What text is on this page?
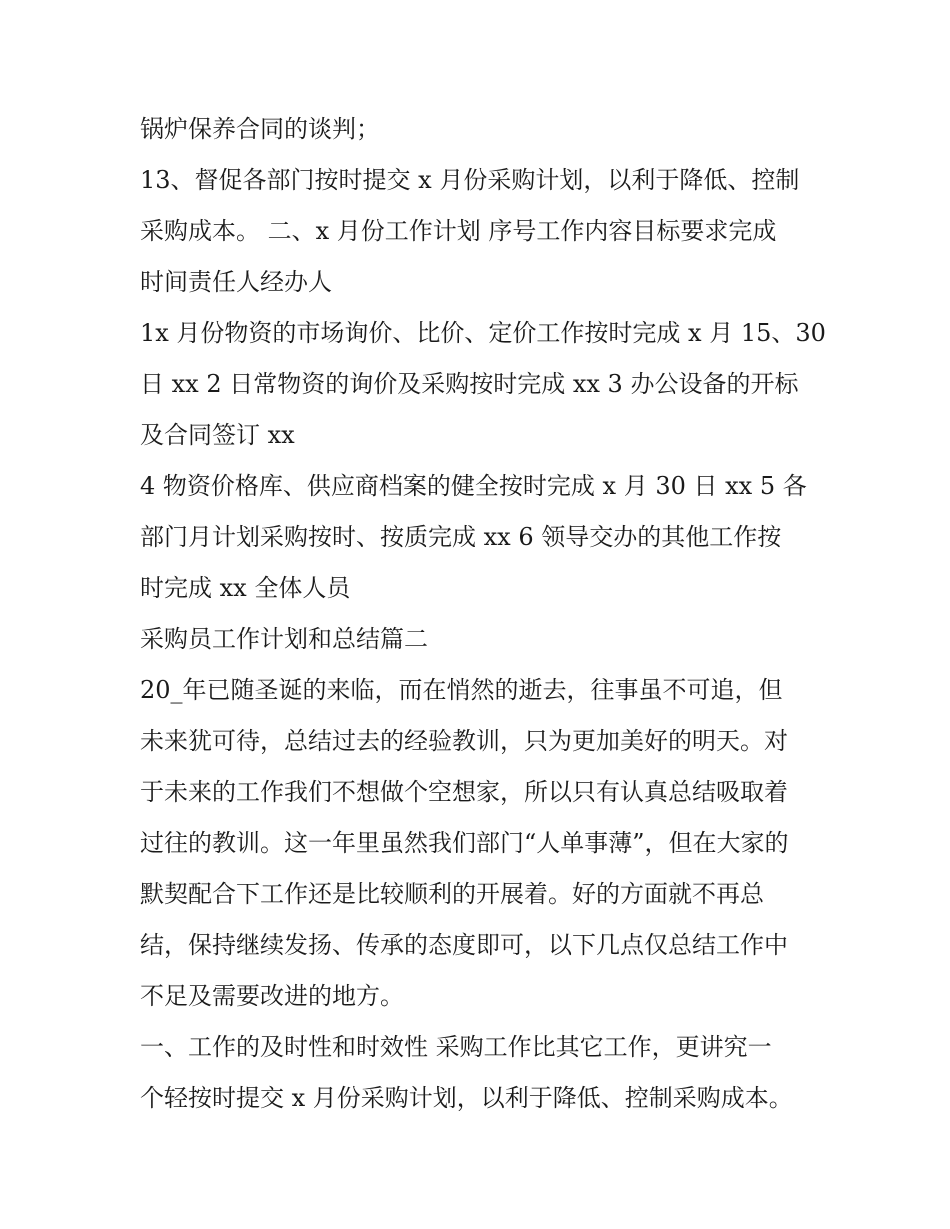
锅炉保养合同的谈判；
13、督促各部门按时提交 x 月份采购计划，以利于降低、控制
采购成本。 二、x 月份工作计划 序号工作内容目标要求完成
时间责任人经办人
1x 月份物资的市场询价、比价、定价工作按时完成 x 月 15、30
日 xx 2 日常物资的询价及采购按时完成 xx 3 办公设备的开标
及合同签订 xx
4 物资价格库、供应商档案的健全按时完成 x 月 30 日 xx 5 各
部门月计划采购按时、按质完成 xx 6 领导交办的其他工作按
时完成 xx 全体人员
采购员工作计划和总结篇二
20_年已随圣诞的来临，而在悄然的逝去，往事虽不可追，但
未来犹可待，总结过去的经验教训，只为更加美好的明天。对
于未来的工作我们不想做个空想家，所以只有认真总结吸取着
过往的教训。这一年里虽然我们部门“人单事薄”，但在大家的
默契配合下工作还是比较顺利的开展着。好的方面就不再总
结，保持继续发扬、传承的态度即可，以下几点仅总结工作中
不足及需要改进的地方。
一、工作的及时性和时效性 采购工作比其它工作，更讲究一
个轻按时提交 x 月份采购计划，以利于降低、控制采购成本。
